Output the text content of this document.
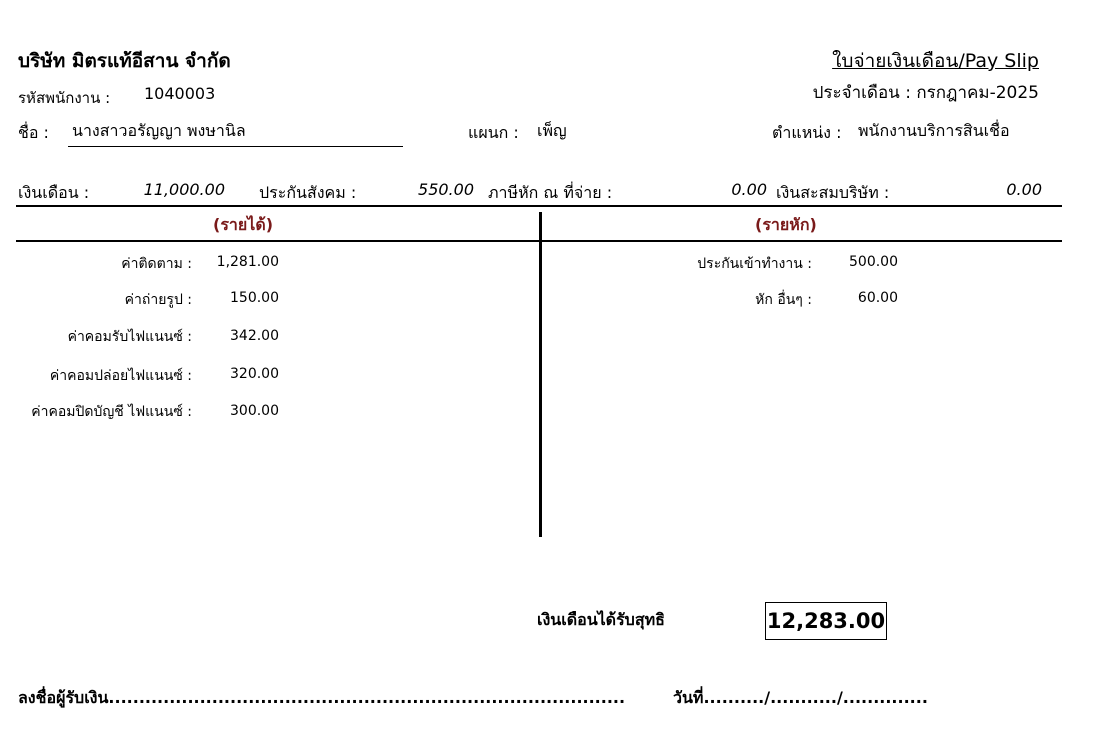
บริษัท มิตรแท้อีสาน จำกัด	ใบจ่ายเงินเดือน/Pay Slip
ประจำเดือน : กรกฎาคม-2025
รหัสพนักงาน : 1040003
ชื่อ : นางสาวอรัญญา พงษานิล	แผนก : เพ็ญ	ตำแหน่ง : พนักงานบริการสินเชื่อ
เงินเดือน :	11,000.00 ประกันสังคม :	550.00 ภาษีหัก ณ ที่จ่าย :	0.00 เงินสะสมบริษัท :	0.00
(รายได้)	(รายหัก)
ค่าติดตาม :	1,281.00
ค่าถ่ายรูป :	150.00
ค่าคอมรับไฟแนนซ์ :	342.00
ค่าคอมปล่อยไฟแนนซ์ :	320.00
ค่าคอมปิดบัญชี ไฟแนนซ์ :	300.00
ประกันเข้าทำงาน :	500.00
หัก อื่นๆ :	60.00
เงินเดือนได้รับสุทธิ	12,283.00
ลงชื่อผู้รับเงิน.....................................................................................	วันที่........../.........../..............
